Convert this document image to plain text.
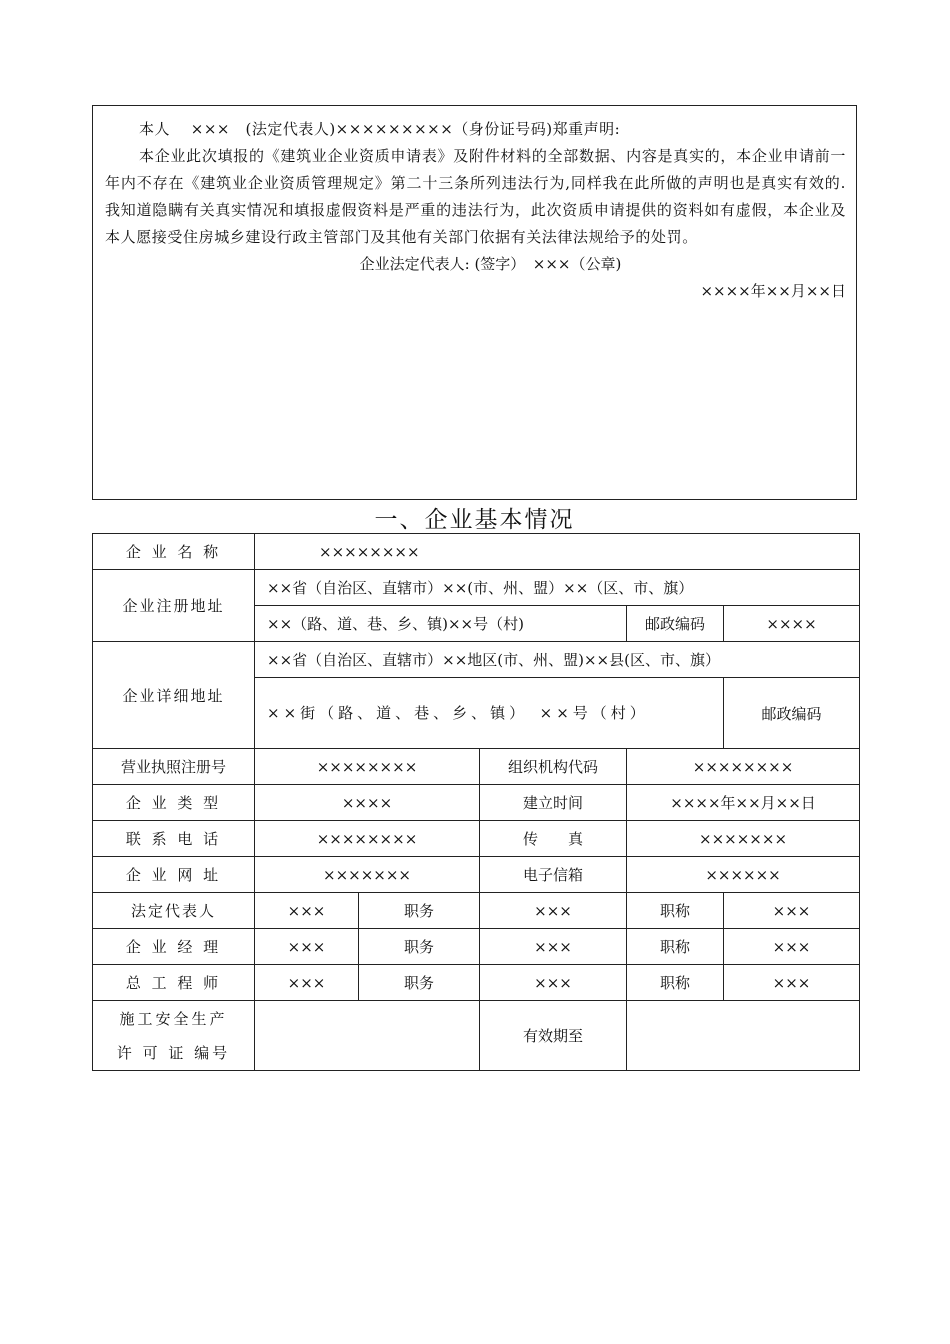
本人　 ×××　(法定代表人)×××××××××（身份证号码)郑重声明:

本企业此次填报的《建筑业企业资质申请表》及附件材料的全部数据、内容是真实的，本企业申请前一年内不存在《建筑业企业资质管理规定》第二十三条所列违法行为,同样我在此所做的声明也是真实有效的.我知道隐瞒有关真实情况和填报虚假资料是严重的违法行为，此次资质申请提供的资料如有虚假，本企业及本人愿接受住房城乡建设行政主管部门及其他有关部门依据有关法律法规给予的处罚。

企业法定代表人: (签字）　×××（公章)

××××年××月××日

一、企业基本情况
企 业 名 称	××××××××					
企业注册地址	××省（自治区、直辖市）××(市、州、盟）××（区、市、旗）					
	××（路、道、巷、乡、镇)××号（村)			邮政编码	××××	
企业详细地址	××省（自治区、直辖市）××地区(市、州、盟)××县(区、市、旗）					
	××街（路、道、巷、乡、镇）　××号（村）				邮政编码	
营业执照注册号	××××××××		组织机构代码	××××××××		
企 业 类 型	××××		建立时间	××××年××月××日		
联 系 电 话	××××××××		传　　真	×××××××		
企 业 网 址	×××××××		电子信箱	××××××		
法定代表人	×××	职务	×××	职称	×××	
企 业 经 理	×××	职务	×××	职称	×××	
总 工 程 师	×××	职务	×××	职称	×××	

施工安全生产
许 可 证 编号			有效期至			
